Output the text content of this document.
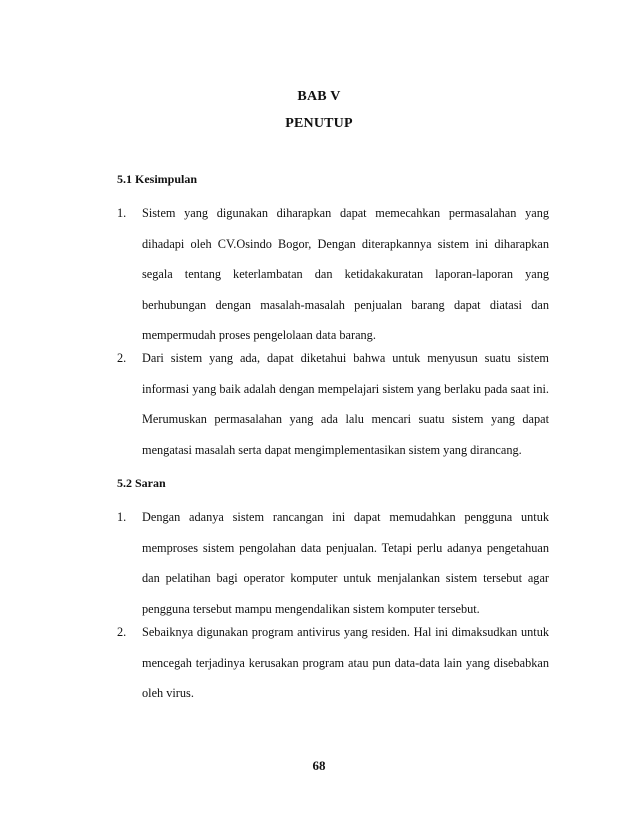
BAB V
PENUTUP
5.1 Kesimpulan
1. Sistem yang digunakan diharapkan dapat memecahkan permasalahan yang dihadapi oleh CV.Osindo Bogor, Dengan diterapkannya sistem ini diharapkan segala tentang keterlambatan dan ketidakakuratan laporan-laporan yang berhubungan dengan masalah-masalah penjualan barang dapat diatasi dan mempermudah proses pengelolaan data barang.
2. Dari sistem yang ada, dapat diketahui bahwa untuk menyusun suatu sistem informasi yang baik adalah dengan mempelajari sistem yang berlaku pada saat ini. Merumuskan permasalahan yang ada lalu mencari suatu sistem yang dapat mengatasi masalah serta dapat mengimplementasikan sistem yang dirancang.
5.2 Saran
1. Dengan adanya sistem rancangan ini dapat memudahkan pengguna untuk memproses sistem pengolahan data penjualan. Tetapi perlu adanya pengetahuan dan pelatihan bagi operator komputer untuk menjalankan sistem tersebut agar pengguna tersebut mampu mengendalikan sistem komputer tersebut.
2. Sebaiknya digunakan program antivirus yang residen. Hal ini dimaksudkan untuk mencegah terjadinya kerusakan program atau pun data-data lain yang disebabkan oleh virus.
68
